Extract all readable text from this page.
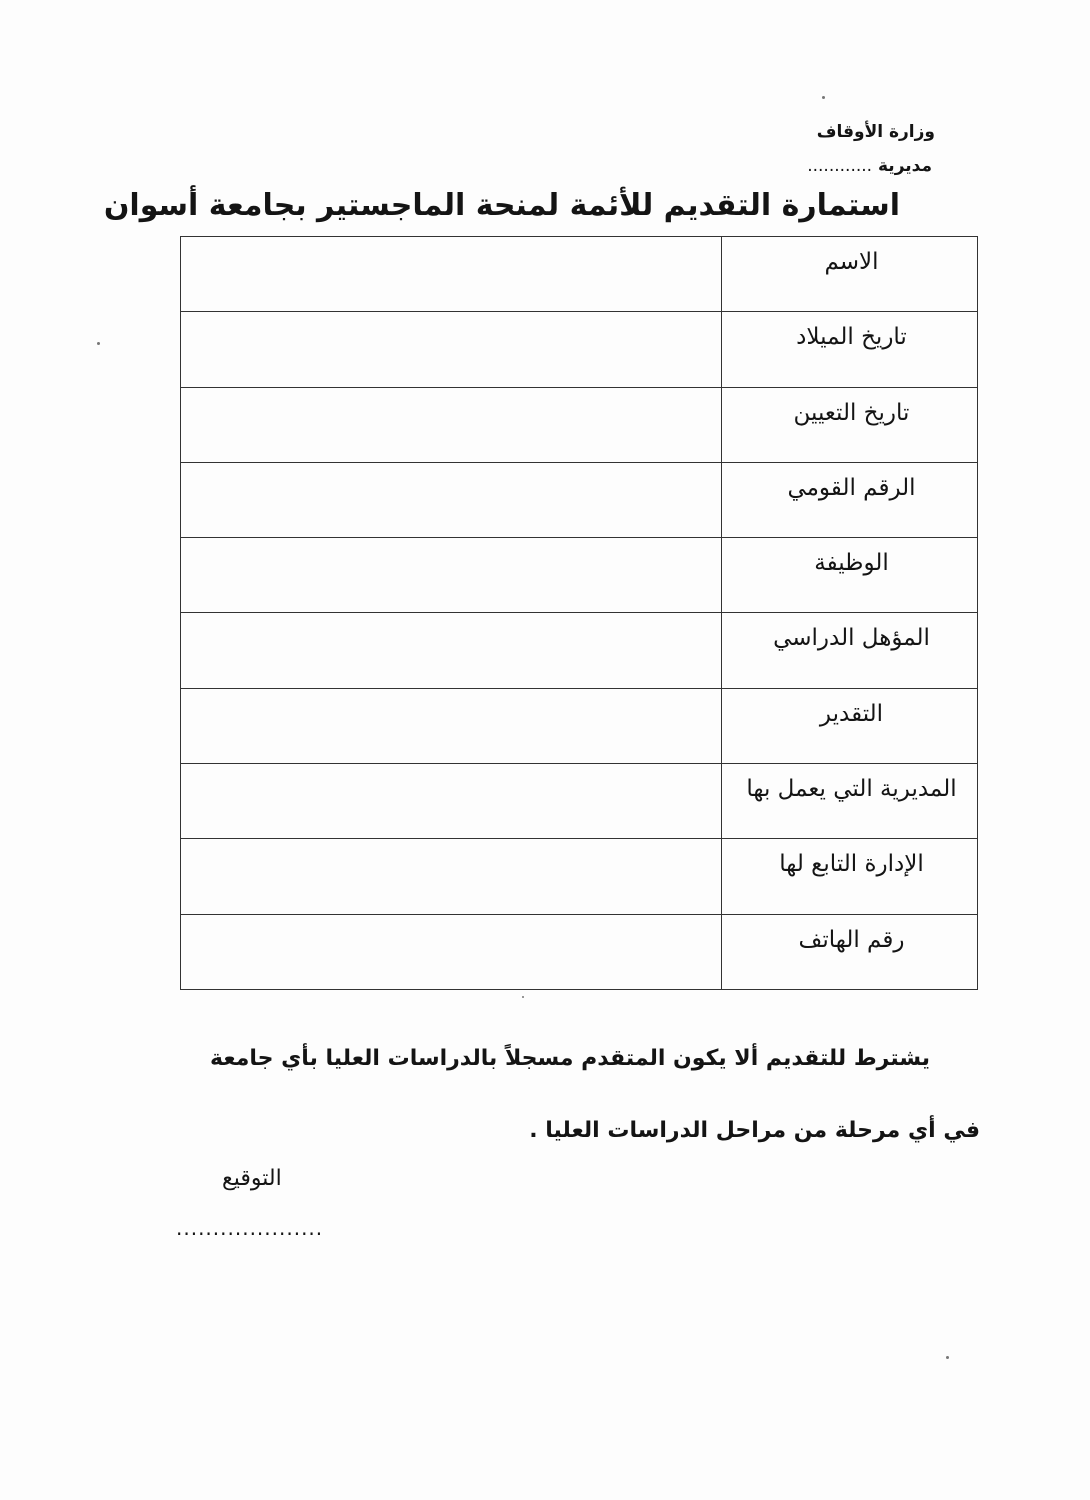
وزارة الأوقاف
مديرية ............
استمارة التقديم للأئمة لمنحة الماجستير بجامعة أسوان
الاسم
تاريخ الميلاد
تاريخ التعيين
الرقم القومي
الوظيفة
المؤهل الدراسي
التقدير
المديرية التي يعمل بها
الإدارة التابع لها
رقم الهاتف
يشترط للتقديم ألا يكون المتقدم مسجلاً بالدراسات العليا بأي جامعة
في أي مرحلة من مراحل الدراسات العليا .
التوقيع
....................
